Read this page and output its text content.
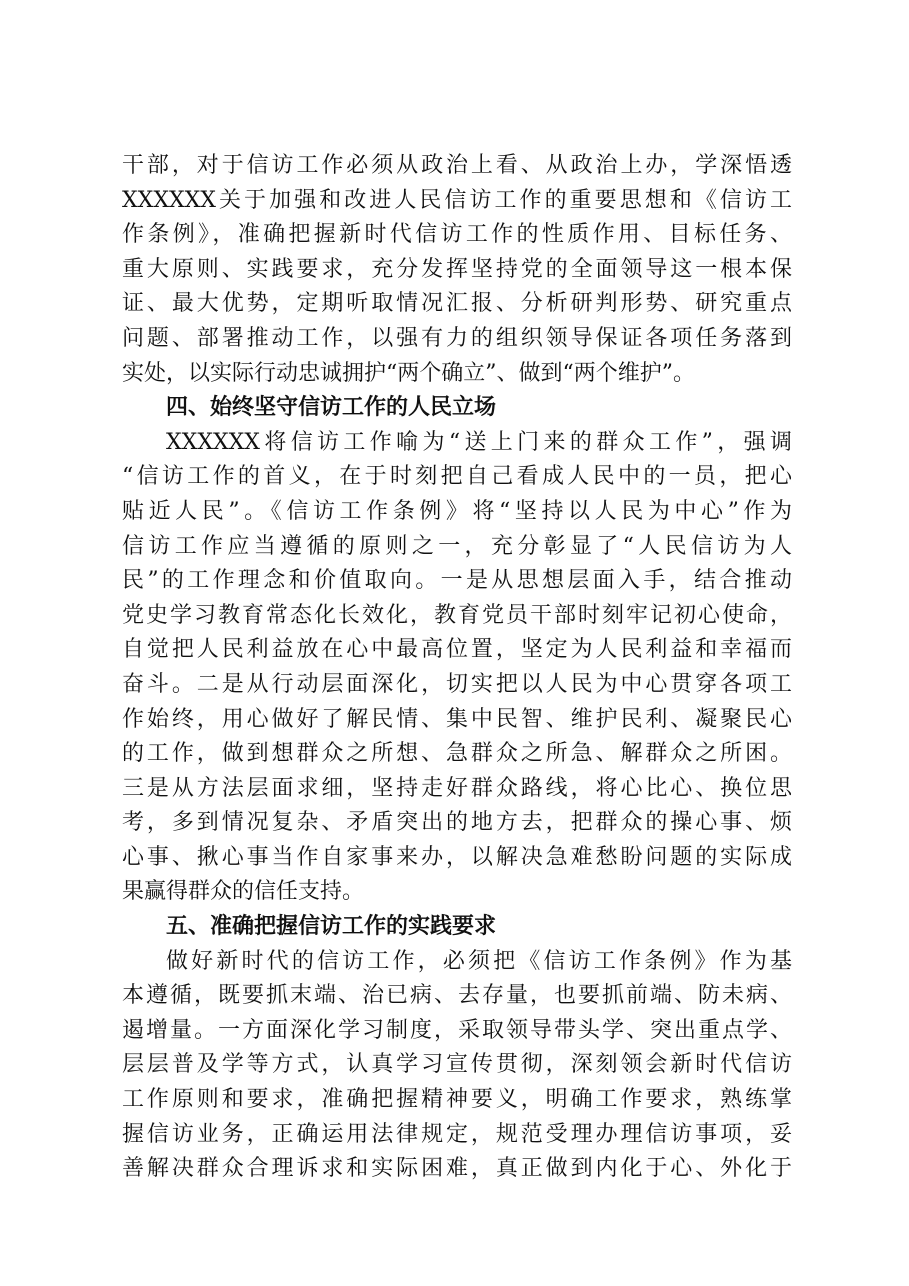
干部，对于信访工作必须从政治上看、从政治上办，学深悟透
XXXXXX关于加强和改进人民信访工作的重要思想和《信访工
作条例》，准确把握新时代信访工作的性质作用、目标任务、
重大原则、实践要求，充分发挥坚持党的全面领导这一根本保
证、最大优势，定期听取情况汇报、分析研判形势、研究重点
问题、部署推动工作，以强有力的组织领导保证各项任务落到
实处，以实际行动忠诚拥护“两个确立”、做到“两个维护”。
四、始终坚守信访工作的人民立场
XXXXXX将信访工作喻为“送上门来的群众工作”，强调
“信访工作的首义，在于时刻把自己看成人民中的一员，把心
贴近人民”。《信访工作条例》将“坚持以人民为中心”作为
信访工作应当遵循的原则之一，充分彰显了“人民信访为人
民”的工作理念和价值取向。一是从思想层面入手，结合推动
党史学习教育常态化长效化，教育党员干部时刻牢记初心使命，
自觉把人民利益放在心中最高位置，坚定为人民利益和幸福而
奋斗。二是从行动层面深化，切实把以人民为中心贯穿各项工
作始终，用心做好了解民情、集中民智、维护民利、凝聚民心
的工作，做到想群众之所想、急群众之所急、解群众之所困。
三是从方法层面求细，坚持走好群众路线，将心比心、换位思
考，多到情况复杂、矛盾突出的地方去，把群众的操心事、烦
心事、揪心事当作自家事来办，以解决急难愁盼问题的实际成
果赢得群众的信任支持。
五、准确把握信访工作的实践要求
做好新时代的信访工作，必须把《信访工作条例》作为基
本遵循，既要抓末端、治已病、去存量，也要抓前端、防未病、
遏增量。一方面深化学习制度，采取领导带头学、突出重点学、
层层普及学等方式，认真学习宣传贯彻，深刻领会新时代信访
工作原则和要求，准确把握精神要义，明确工作要求，熟练掌
握信访业务，正确运用法律规定，规范受理办理信访事项，妥
善解决群众合理诉求和实际困难，真正做到内化于心、外化于
